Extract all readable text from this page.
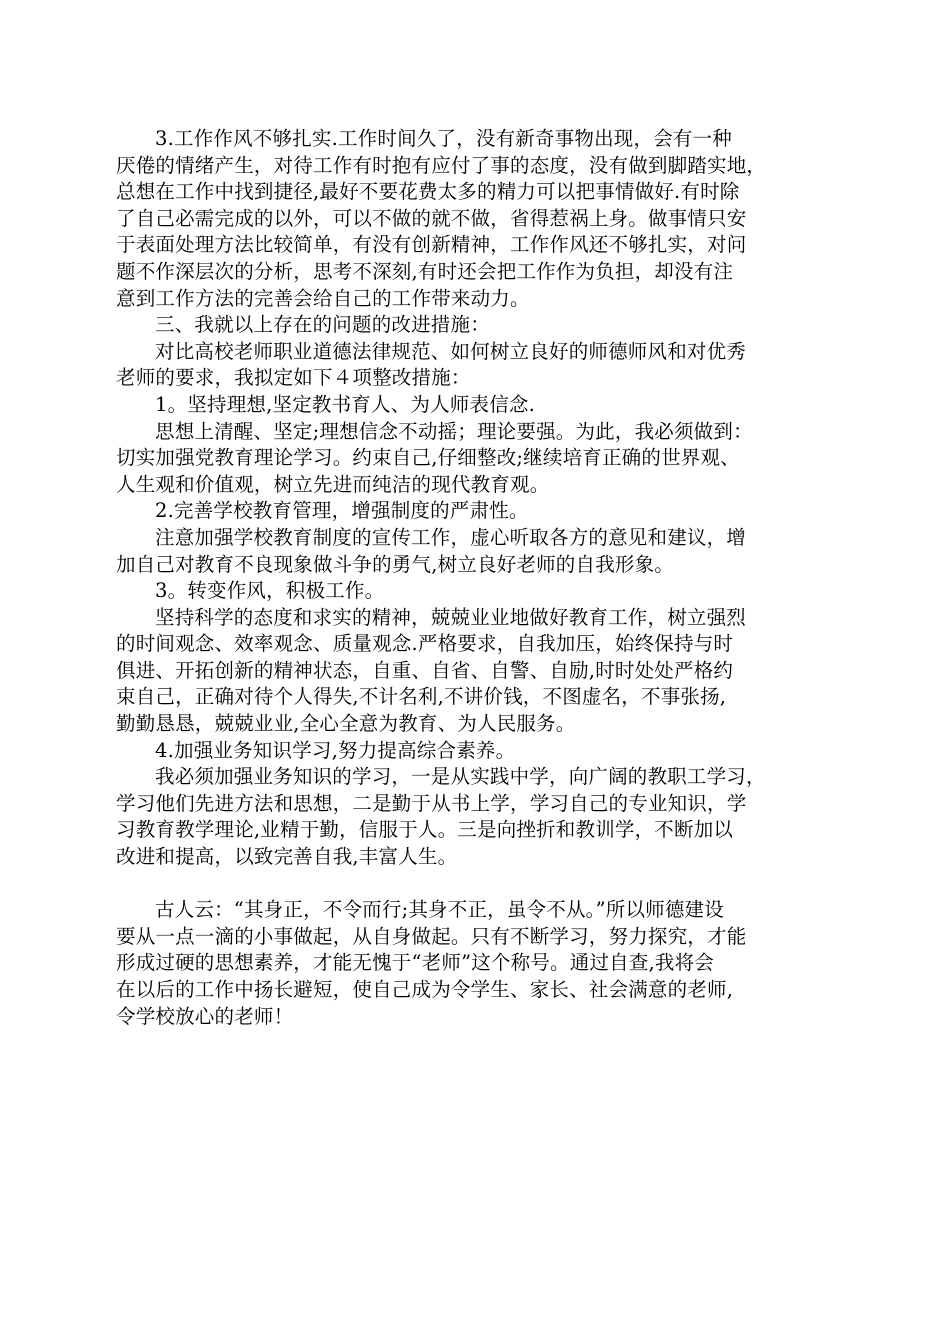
3.工作作风不够扎实.工作时间久了，没有新奇事物出现，会有一种
厌倦的情绪产生，对待工作有时抱有应付了事的态度，没有做到脚踏实地，
总想在工作中找到捷径,最好不要花费太多的精力可以把事情做好.有时除
了自己必需完成的以外，可以不做的就不做，省得惹祸上身。做事情只安
于表面处理方法比较简单，有没有创新精神，工作作风还不够扎实，对问
题不作深层次的分析，思考不深刻,有时还会把工作作为负担，却没有注
意到工作方法的完善会给自己的工作带来动力。
三、我就以上存在的问题的改进措施：
对比高校老师职业道德法律规范、如何树立良好的师德师风和对优秀
老师的要求，我拟定如下４项整改措施：
1。坚持理想,坚定教书育人、为人师表信念.
思想上清醒、坚定;理想信念不动摇；理论要强。为此，我必须做到：
切实加强党教育理论学习。约束自己,仔细整改;继续培育正确的世界观、
人生观和价值观，树立先进而纯洁的现代教育观。
2.完善学校教育管理，增强制度的严肃性。
注意加强学校教育制度的宣传工作，虚心听取各方的意见和建议，增
加自己对教育不良现象做斗争的勇气,树立良好老师的自我形象。
3。转变作风，积极工作。
坚持科学的态度和求实的精神，兢兢业业地做好教育工作，树立强烈
的时间观念、效率观念、质量观念.严格要求，自我加压，始终保持与时
俱进、开拓创新的精神状态，自重、自省、自警、自励,时时处处严格约
束自己，正确对待个人得失,不计名利,不讲价钱，不图虚名，不事张扬,
勤勤恳恳，兢兢业业,全心全意为教育、为人民服务。
4.加强业务知识学习,努力提高综合素养。
我必须加强业务知识的学习，一是从实践中学，向广阔的教职工学习，
学习他们先进方法和思想，二是勤于从书上学，学习自己的专业知识，学
习教育教学理论,业精于勤，信服于人。三是向挫折和教训学，不断加以
改进和提高，以致完善自我,丰富人生。
古人云：“其身正，不令而行;其身不正，虽令不从。”所以师德建设
要从一点一滴的小事做起，从自身做起。只有不断学习，努力探究，才能
形成过硬的思想素养，才能无愧于“老师”这个称号。通过自查,我将会
在以后的工作中扬长避短，使自己成为令学生、家长、社会满意的老师,
令学校放心的老师！
